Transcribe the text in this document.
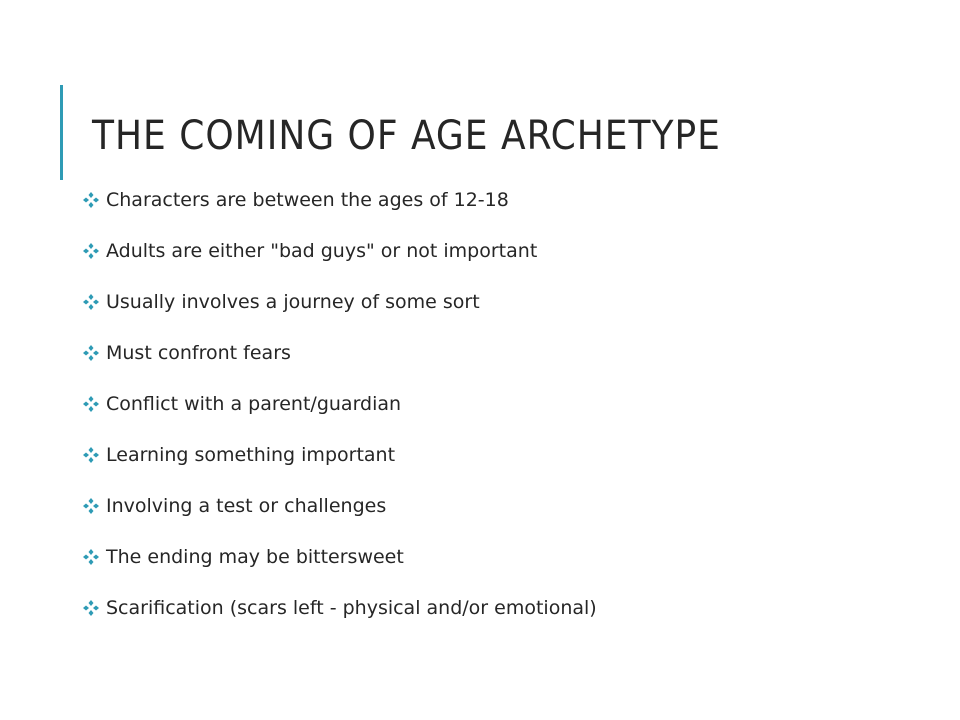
THE COMING OF AGE ARCHETYPE
Characters are between the ages of 12-18
Adults are either "bad guys" or not important
Usually involves a journey of some sort
Must confront fears
Conflict with a parent/guardian
Learning something important
Involving a test or challenges
The ending may be bittersweet
Scarification (scars left - physical and/or emotional)
